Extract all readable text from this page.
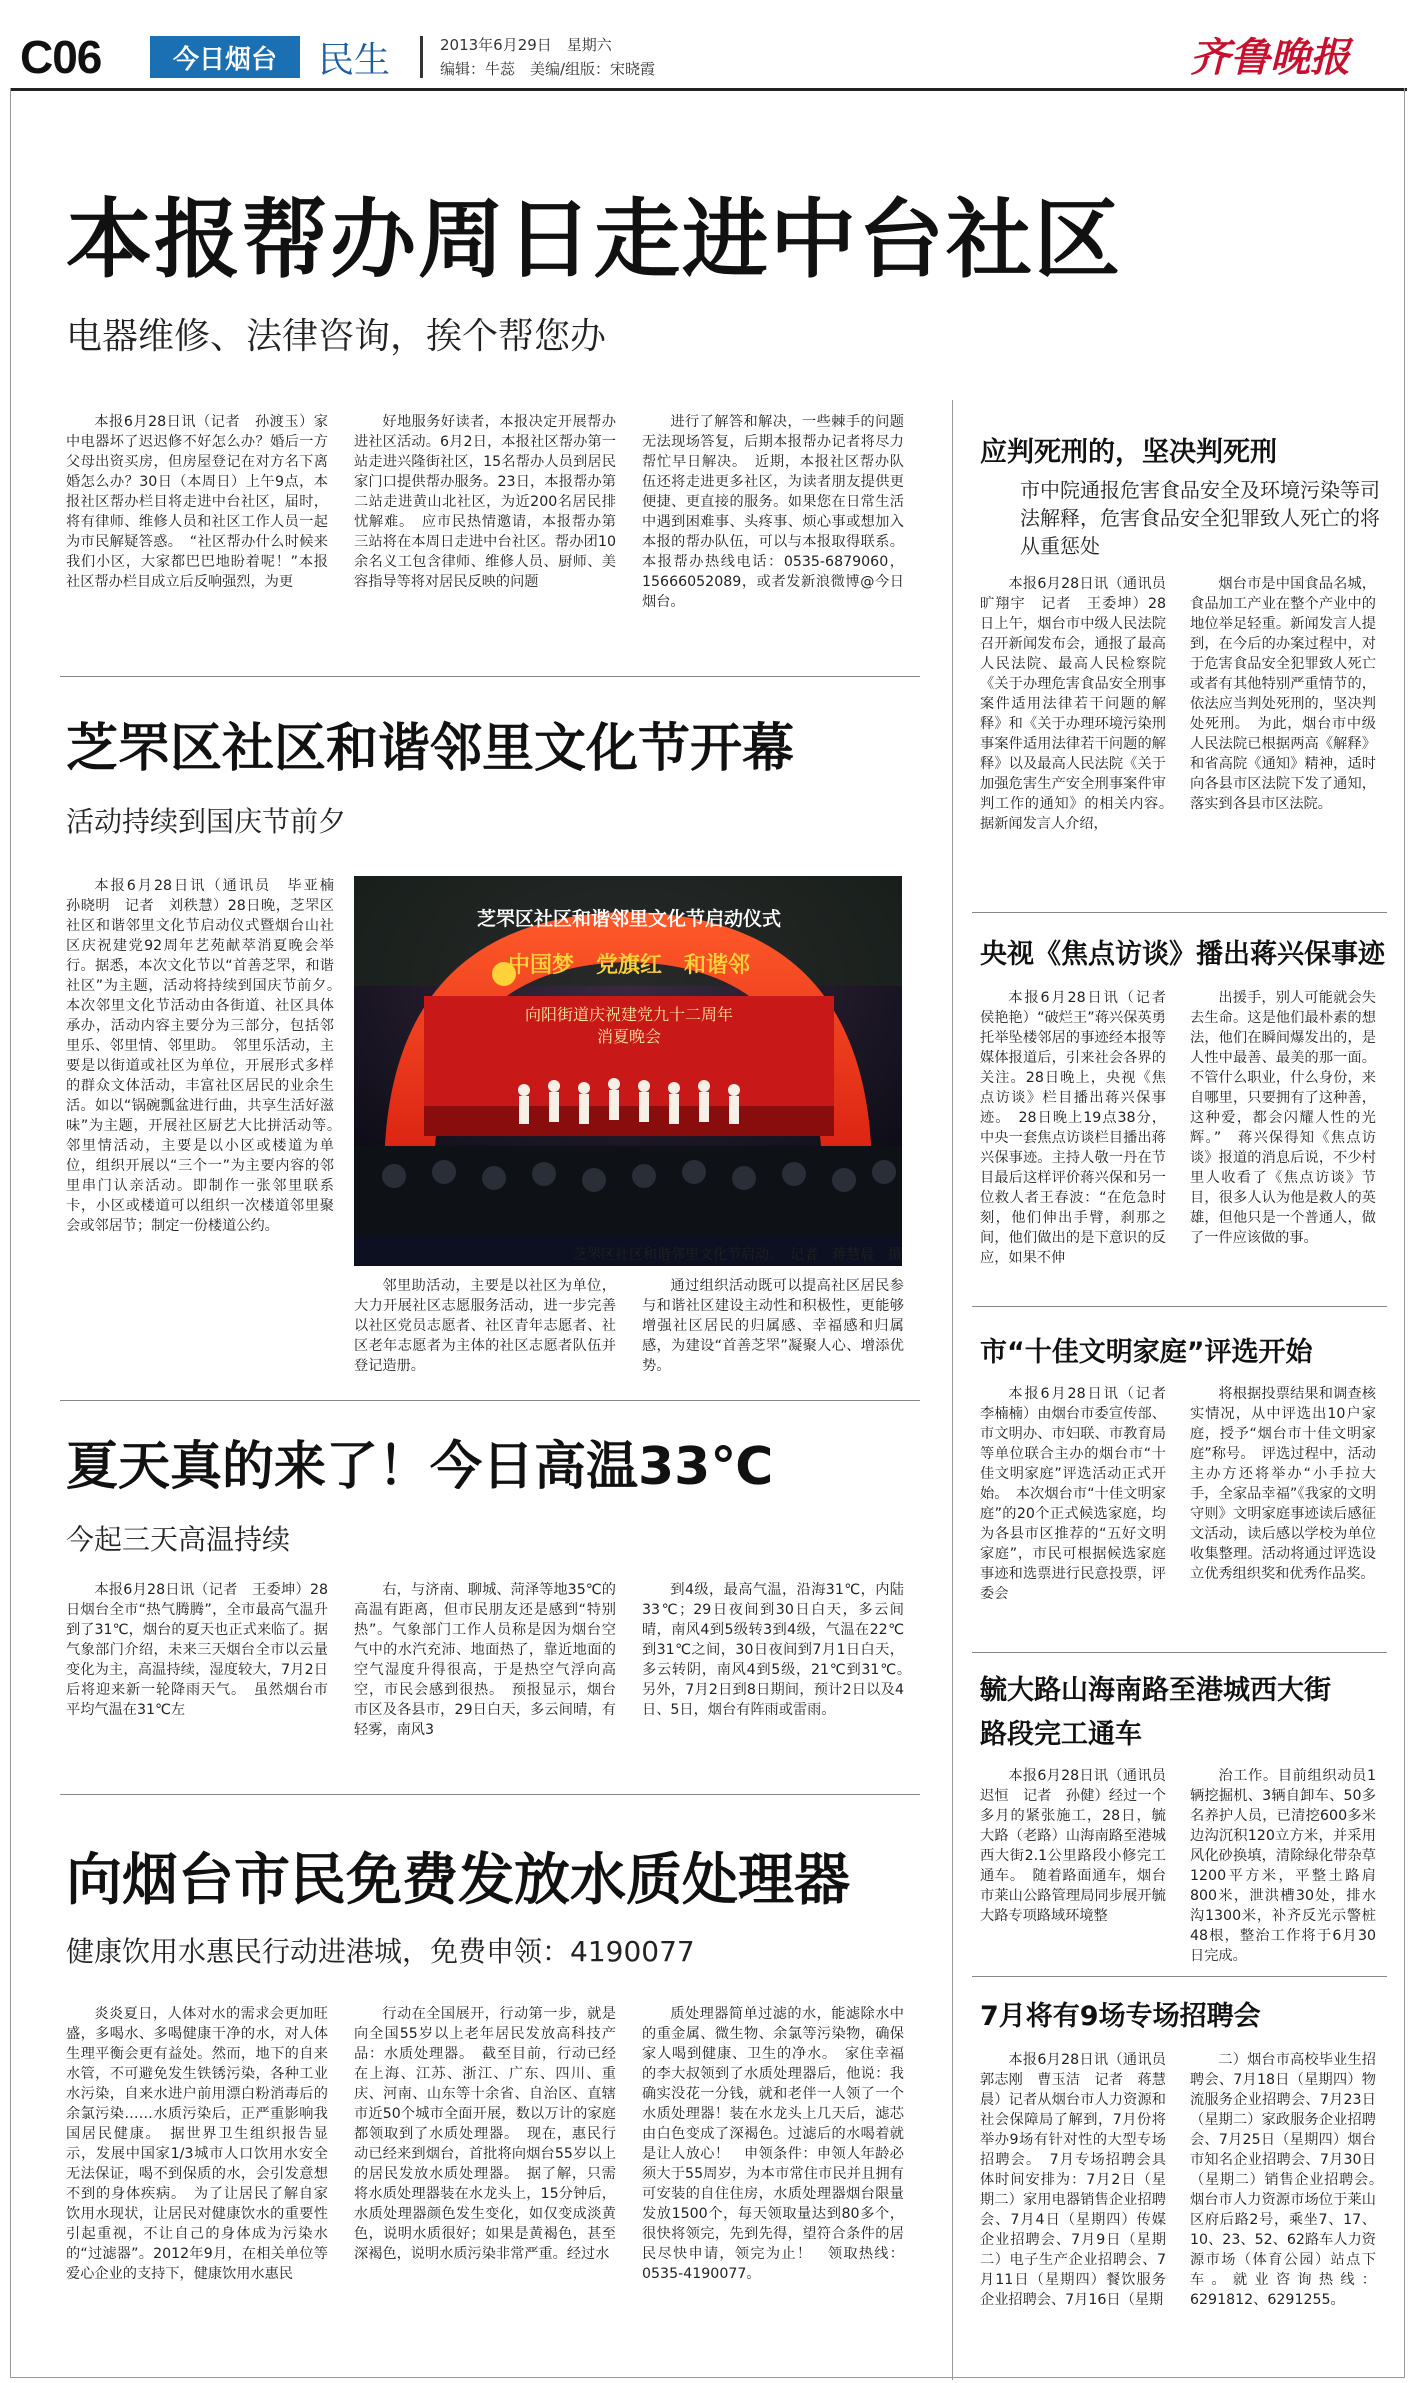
C06	今日烟台	民生	2013年6月29日　星期六
编辑：牛蕊　美编/组版：宋晓霞	齐鲁晚报
本报帮办周日走进中台社区
电器维修、法律咨询，挨个帮您办

本报6月28日讯（记者　孙渡玉）家中电器坏了迟迟修不好怎么办？婚后一方父母出资买房，但房屋登记在对方名下离婚怎么办？30日（本周日）上午9点，本报社区帮办栏目将走进中台社区，届时，将有律师、维修人员和社区工作人员一起为市民解疑答惑。　“社区帮办什么时候来我们小区，大家都巴巴地盼着呢！”本报社区帮办栏目成立后反响强烈，为更

好地服务好读者，本报决定开展帮办进社区活动。6月2日，本报社区帮办第一站走进兴隆街社区，15名帮办人员到居民家门口提供帮办服务。23日，本报帮办第二站走进黄山北社区，为近200名居民排忧解难。　应市民热情邀请，本报帮办第三站将在本周日走进中台社区。帮办团10余名义工包含律师、维修人员、厨师、美容指导等将对居民反映的问题

进行了解答和解决，一些棘手的问题无法现场答复，后期本报帮办记者将尽力帮忙早日解决。　近期，本报社区帮办队伍还将走进更多社区，为读者朋友提供更便捷、更直接的服务。如果您在日常生活中遇到困难事、头疼事、烦心事或想加入本报的帮办队伍，可以与本报取得联系。本报帮办热线电话：0535-6879060，15666052089，或者发新浪微博@今日烟台。

芝罘区社区和谐邻里文化节开幕
活动持续到国庆节前夕

本报6月28日讯（通讯员　毕亚楠　孙晓明　记者　刘秩慧）28日晚，芝罘区社区和谐邻里文化节启动仪式暨烟台山社区庆祝建党92周年艺苑献萃消夏晚会举行。据悉，本次文化节以“首善芝罘，和谐社区”为主题，活动将持续到国庆节前夕。　本次邻里文化节活动由各街道、社区具体承办，活动内容主要分为三部分，包括邻里乐、邻里情、邻里助。　邻里乐活动，主要是以街道或社区为单位，开展形式多样的群众文体活动，丰富社区居民的业余生活。如以“锅碗瓢盆进行曲，共享生活好滋味”为主题，开展社区厨艺大比拼活动等。　邻里情活动，主要是以小区或楼道为单位，组织开展以“三个一”为主要内容的邻里串门认亲活动。即制作一张邻里联系卡，小区或楼道可以组织一次楼道邻里聚会或邻居节；制定一份楼道公约。

芝罘区社区和谐邻里文化节启动仪式
中国梦　党旗红　和谐邻
向阳街道庆祝建党九十二周年
消夏晚会
芝罘区社区和谐邻里文化节启动。　记者　蒋慧晨　摄

邻里助活动，主要是以社区为单位，大力开展社区志愿服务活动，进一步完善以社区党员志愿者、社区青年志愿者、社区老年志愿者为主体的社区志愿者队伍并登记造册。

通过组织活动既可以提高社区居民参与和谐社区建设主动性和积极性，更能够增强社区居民的归属感、幸福感和归属感，为建设“首善芝罘”凝聚人心、增添优势。

夏天真的来了！今日高温33℃
今起三天高温持续

本报6月28日讯（记者　王委坤）28日烟台全市“热气腾腾”，全市最高气温升到了31℃，烟台的夏天也正式来临了。据气象部门介绍，未来三天烟台全市以云量变化为主，高温持续，湿度较大，7月2日后将迎来新一轮降雨天气。　虽然烟台市平均气温在31℃左

右，与济南、聊城、菏泽等地35℃的高温有距离，但市民朋友还是感到“特别热”。气象部门工作人员称是因为烟台空气中的水汽充沛、地面热了，靠近地面的空气湿度升得很高，于是热空气浮向高空，市民会感到很热。　预报显示，烟台市区及各县市，29日白天，多云间晴，有轻雾，南风3

到4级，最高气温，沿海31℃，内陆33℃；29日夜间到30日白天，多云间晴，南风4到5级转3到4级，气温在22℃到31℃之间，30日夜间到7月1日白天，多云转阴，南风4到5级，21℃到31℃。　另外，7月2日到8日期间，预计2日以及4日、5日，烟台有阵雨或雷雨。

向烟台市民免费发放水质处理器
健康饮用水惠民行动进港城，免费申领：4190077

炎炎夏日，人体对水的需求会更加旺盛，多喝水、多喝健康干净的水，对人体生理平衡会更有益处。然而，地下的自来水管，不可避免发生铁锈污染，各种工业水污染，自来水进户前用漂白粉消毒后的余氯污染……水质污染后，正严重影响我国居民健康。　据世界卫生组织报告显示，发展中国家1/3城市人口饮用水安全无法保证，喝不到保质的水，会引发意想不到的身体疾病。　为了让居民了解自家饮用水现状，让居民对健康饮水的重要性引起重视，不让自己的身体成为污染水的“过滤器”。2012年9月，在相关单位等爱心企业的支持下，健康饮用水惠民

行动在全国展开，行动第一步，就是向全国55岁以上老年居民发放高科技产品：水质处理器。　截至目前，行动已经在上海、江苏、浙江、广东、四川、重庆、河南、山东等十余省、自治区、直辖市近50个城市全面开展，数以万计的家庭都领取到了水质处理器。　现在，惠民行动已经来到烟台，首批将向烟台55岁以上的居民发放水质处理器。　据了解，只需将水质处理器装在水龙头上，15分钟后，水质处理器颜色发生变化，如仅变成淡黄色，说明水质很好；如果是黄褐色，甚至深褐色，说明水质污染非常严重。经过水

质处理器简单过滤的水，能滤除水中的重金属、微生物、余氯等污染物，确保家人喝到健康、卫生的净水。　家住幸福的李大叔领到了水质处理器后，他说：我确实没花一分钱，就和老伴一人领了一个水质处理器！装在水龙头上几天后，滤芯由白色变成了深褐色。过滤后的水喝着就是让人放心！　申领条件：申领人年龄必须大于55周岁，为本市常住市民并且拥有可安装的自住住房，水质处理器烟台限量发放1500个，每天领取量达到80多个，很快将领完，先到先得，望符合条件的居民尽快申请，领完为止！　领取热线：0535-4190077。

应判死刑的，坚决判死刑
市中院通报危害食品安全及环境污染等司法解释，危害食品安全犯罪致人死亡的将从重惩处

本报6月28日讯（通讯员　旷翔宇　记者　王委坤）28日上午，烟台市中级人民法院召开新闻发布会，通报了最高人民法院、最高人民检察院《关于办理危害食品安全刑事案件适用法律若干问题的解释》和《关于办理环境污染刑事案件适用法律若干问题的解释》以及最高人民法院《关于加强危害生产安全刑事案件审判工作的通知》的相关内容。　据新闻发言人介绍，

烟台市是中国食品名城，食品加工产业在整个产业中的地位举足轻重。新闻发言人提到，在今后的办案过程中，对于危害食品安全犯罪致人死亡或者有其他特别严重情节的，依法应当判处死刑的，坚决判处死刑。　为此，烟台市中级人民法院已根据两高《解释》和省高院《通知》精神，适时向各县市区法院下发了通知，落实到各县市区法院。

央视《焦点访谈》播出蒋兴保事迹

本报6月28日讯（记者　侯艳艳）“破烂王”蒋兴保英勇托举坠楼邻居的事迹经本报等媒体报道后，引来社会各界的关注。28日晚上，央视《焦点访谈》栏目播出蒋兴保事迹。　28日晚上19点38分，中央一套焦点访谈栏目播出蒋兴保事迹。主持人敬一丹在节目最后这样评价蒋兴保和另一位救人者王春波：“在危急时刻，他们伸出手臂，刹那之间，他们做出的是下意识的反应，如果不伸

出援手，别人可能就会失去生命。这是他们最朴素的想法，他们在瞬间爆发出的，是人性中最善、最美的那一面。不管什么职业，什么身份，来自哪里，只要拥有了这种善，这种爱，都会闪耀人性的光辉。”　蒋兴保得知《焦点访谈》报道的消息后说，不少村里人收看了《焦点访谈》节目，很多人认为他是救人的英雄，但他只是一个普通人，做了一件应该做的事。

市“十佳文明家庭”评选开始

本报6月28日讯（记者　李楠楠）由烟台市委宣传部、市文明办、市妇联、市教育局等单位联合主办的烟台市“十佳文明家庭”评选活动正式开始。　本次烟台市“十佳文明家庭”的20个正式候选家庭，均为各县市区推荐的“五好文明家庭”，市民可根据候选家庭事迹和选票进行民意投票，评委会

将根据投票结果和调查核实情况，从中评选出10户家庭，授予“烟台市十佳文明家庭”称号。　评选过程中，活动主办方还将举办“小手拉大手，全家品幸福”《我家的文明守则》文明家庭事迹读后感征文活动，读后感以学校为单位收集整理。活动将通过评选设立优秀组织奖和优秀作品奖。

毓大路山海南路至港城西大街
路段完工通车

本报6月28日讯（通讯员　迟恒　记者　孙健）经过一个多月的紧张施工，28日，毓大路（老路）山海南路至港城西大街2.1公里路段小修完工通车。　随着路面通车，烟台市莱山公路管理局同步展开毓大路专项路域环境整

治工作。目前组织动员1辆挖掘机、3辆自卸车、50多名养护人员，已清挖600多米边沟沉积120立方米，并采用风化砂换填，清除绿化带杂草1200平方米，平整土路肩800米，泄洪槽30处，排水沟1300米，补齐反光示警桩48根，整治工作将于6月30日完成。

7月将有9场专场招聘会

本报6月28日讯（通讯员　郭志刚　曹玉洁　记者　蒋慧晨）记者从烟台市人力资源和社会保障局了解到，7月份将举办9场有针对性的大型专场招聘会。　7月专场招聘会具体时间安排为：7月2日（星期二）家用电器销售企业招聘会、7月4日（星期四）传媒企业招聘会、7月9日（星期二）电子生产企业招聘会、7月11日（星期四）餐饮服务企业招聘会、7月16日（星期

二）烟台市高校毕业生招聘会、7月18日（星期四）物流服务企业招聘会、7月23日（星期二）家政服务企业招聘会、7月25日（星期四）烟台市知名企业招聘会、7月30日（星期二）销售企业招聘会。　烟台市人力资源市场位于莱山区府后路2号，乘坐7、17、10、23、52、62路车人力资源市场（体育公园）站点下车。就业咨询热线：6291812、6291255。
